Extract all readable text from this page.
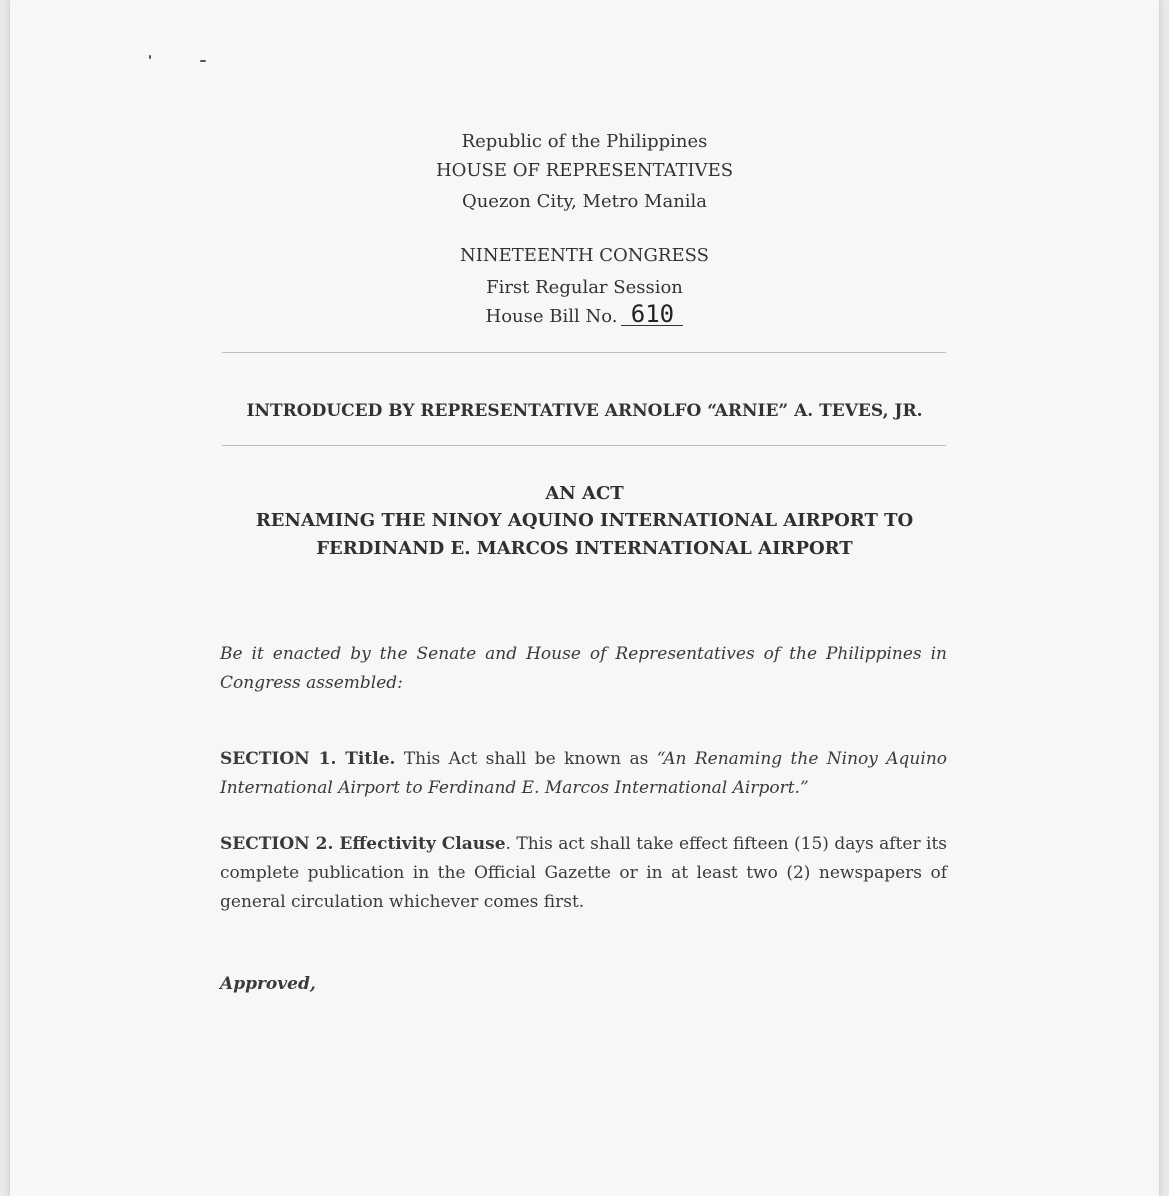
Republic of the Philippines
HOUSE OF REPRESENTATIVES
Quezon City, Metro Manila
NINETEENTH CONGRESS
First Regular Session
House Bill No. 610
INTRODUCED BY REPRESENTATIVE ARNOLFO “ARNIE” A. TEVES, JR.
AN ACT
RENAMING THE NINOY AQUINO INTERNATIONAL AIRPORT TO
FERDINAND E. MARCOS INTERNATIONAL AIRPORT
Be it enacted by the Senate and House of Representatives of the Philippines in Congress assembled:
SECTION 1. Title. This Act shall be known as “An Renaming the Ninoy Aquino International Airport to Ferdinand E. Marcos International Airport.”
SECTION 2. Effectivity Clause. This act shall take effect fifteen (15) days after its complete publication in the Official Gazette or in at least two (2) newspapers of general circulation whichever comes first.
Approved,
